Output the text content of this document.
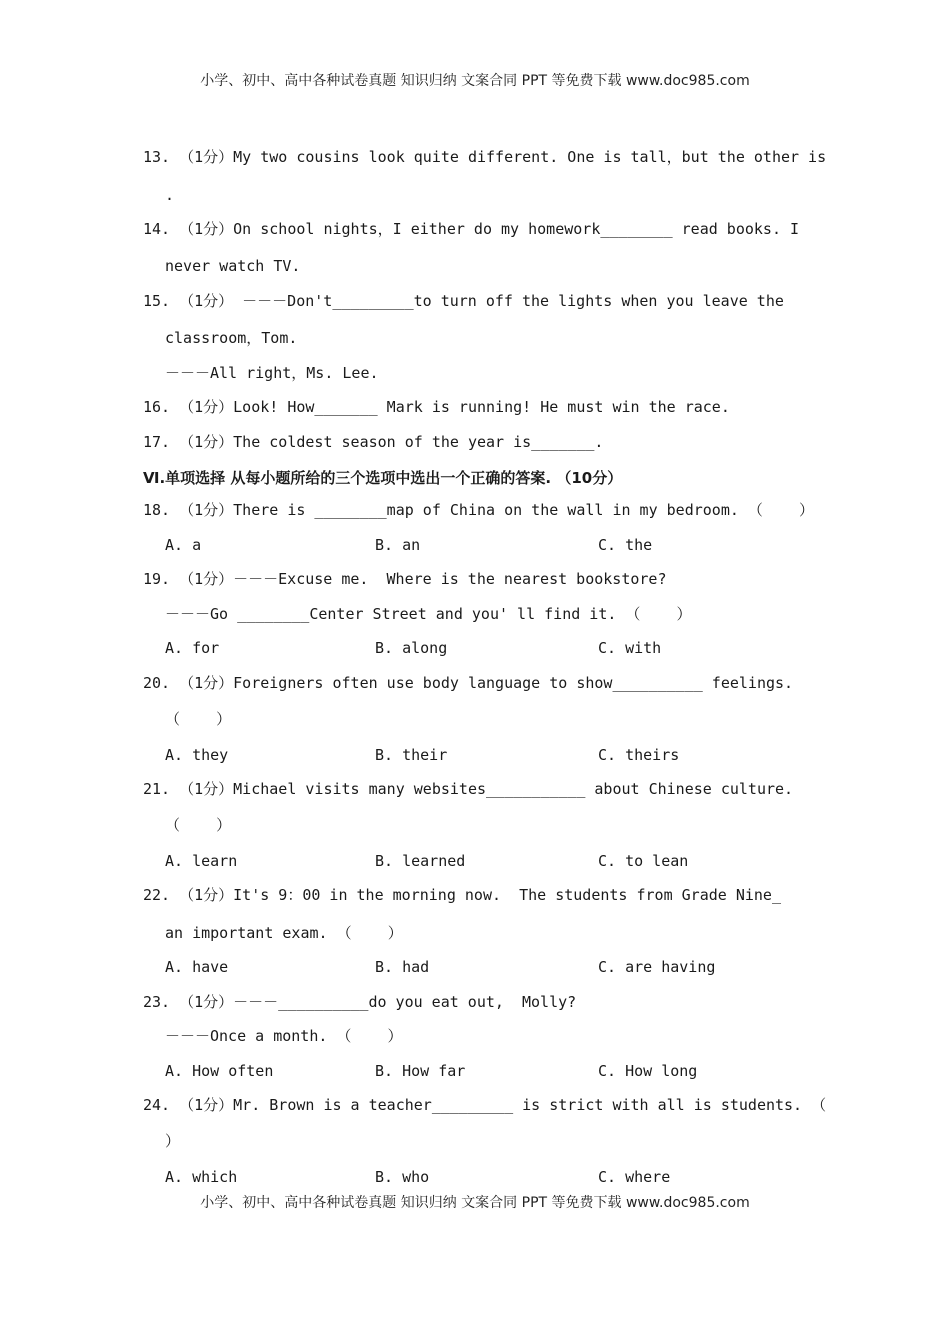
小学、初中、高中各种试卷真题 知识归纳 文案合同 PPT 等免费下载 www.doc985.com
13. （1分）My two cousins look quite different. One is tall，but the other is
.
14. （1分）On school nights，I either do my homework________ read books. I
never watch TV.
15. （1分） －－－Don't_________to turn off the lights when you leave the
classroom，Tom.
－－－All right，Ms. Lee.
16. （1分）Look! How_______ Mark is running! He must win the race.
17. （1分）The coldest season of the year is_______.
Ⅵ.单项选择 从每小题所给的三个选项中选出一个正确的答案. （10分）
18. （1分）There is ________map of China on the wall in my bedroom. （    ）
A. a	B. an	C. the
19. （1分）－－－Excuse me.  Where is the nearest bookstore?
－－－Go ________Center Street and you' ll find it. （    ）
A. for	B. along	C. with
20. （1分）Foreigners often use body language to show__________ feelings.
（    ）
A. they	B. their	C. theirs
21. （1分）Michael visits many websites___________ about Chinese culture.
（    ）
A. learn	B. learned	C. to lean
22. （1分）It's 9：00 in the morning now.  The students from Grade Nine_
an important exam. （    ）
A. have	B. had	C. are having
23. （1分）－－－__________do you eat out,  Molly?
－－－Once a month. （    ）
A. How often	B. How far	C. How long
24. （1分）Mr. Brown is a teacher_________ is strict with all is students. （
）
A. which	B. who	C. where
小学、初中、高中各种试卷真题 知识归纳 文案合同 PPT 等免费下载 www.doc985.com
